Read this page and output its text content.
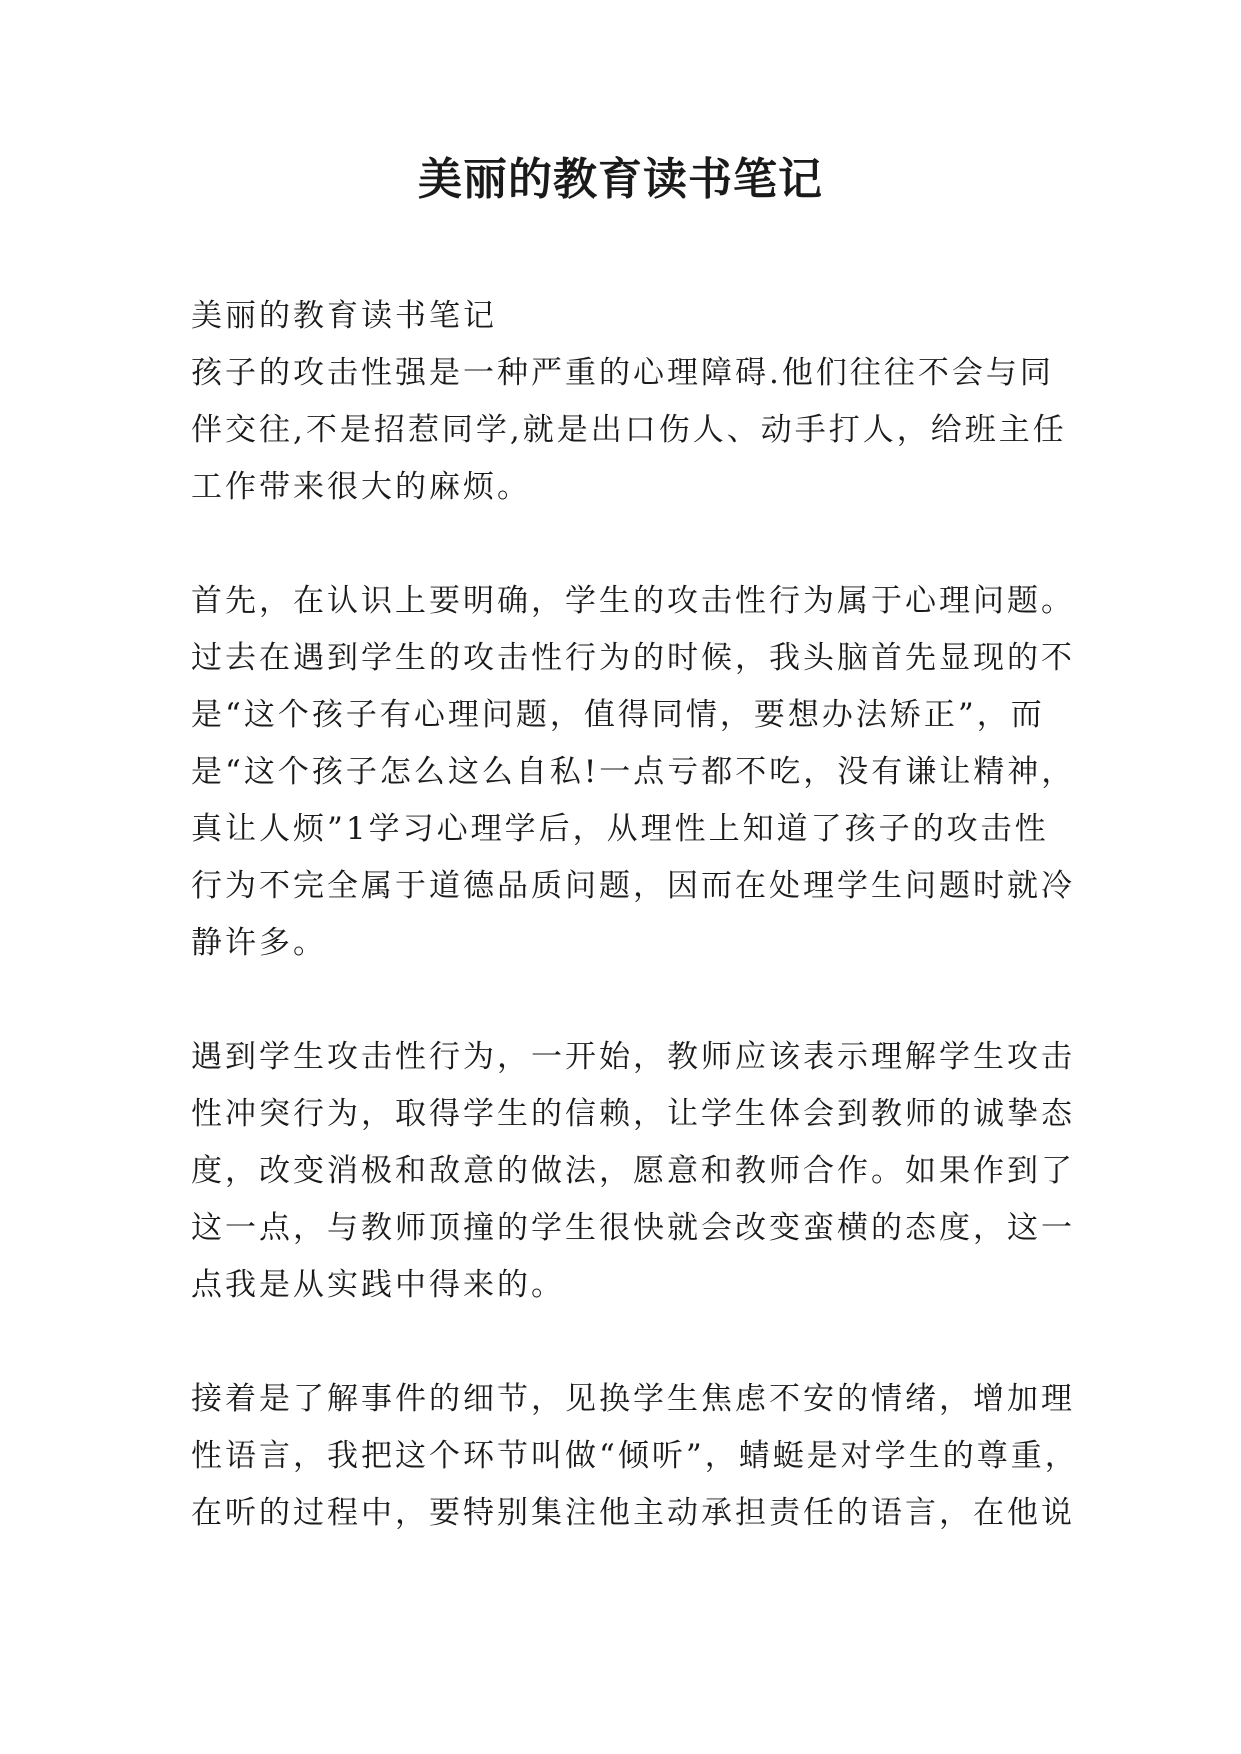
美丽的教育读书笔记
美丽的教育读书笔记
孩子的攻击性强是一种严重的心理障碍.他们往往不会与同
伴交往,不是招惹同学,就是出口伤人、动手打人，给班主任
工作带来很大的麻烦。
首先，在认识上要明确，学生的攻击性行为属于心理问题。
过去在遇到学生的攻击性行为的时候，我头脑首先显现的不
是“这个孩子有心理问题，值得同情，要想办法矫正”，而
是“这个孩子怎么这么自私!一点亏都不吃，没有谦让精神，
真让人烦”1学习心理学后，从理性上知道了孩子的攻击性
行为不完全属于道德品质问题，因而在处理学生问题时就冷
静许多。
遇到学生攻击性行为，一开始，教师应该表示理解学生攻击
性冲突行为，取得学生的信赖，让学生体会到教师的诚挚态
度，改变消极和敌意的做法，愿意和教师合作。如果作到了
这一点，与教师顶撞的学生很快就会改变蛮横的态度，这一
点我是从实践中得来的。
接着是了解事件的细节，见换学生焦虑不安的情绪，增加理
性语言，我把这个环节叫做“倾听”，蜻蜓是对学生的尊重，
在听的过程中，要特别集注他主动承担责任的语言，在他说
